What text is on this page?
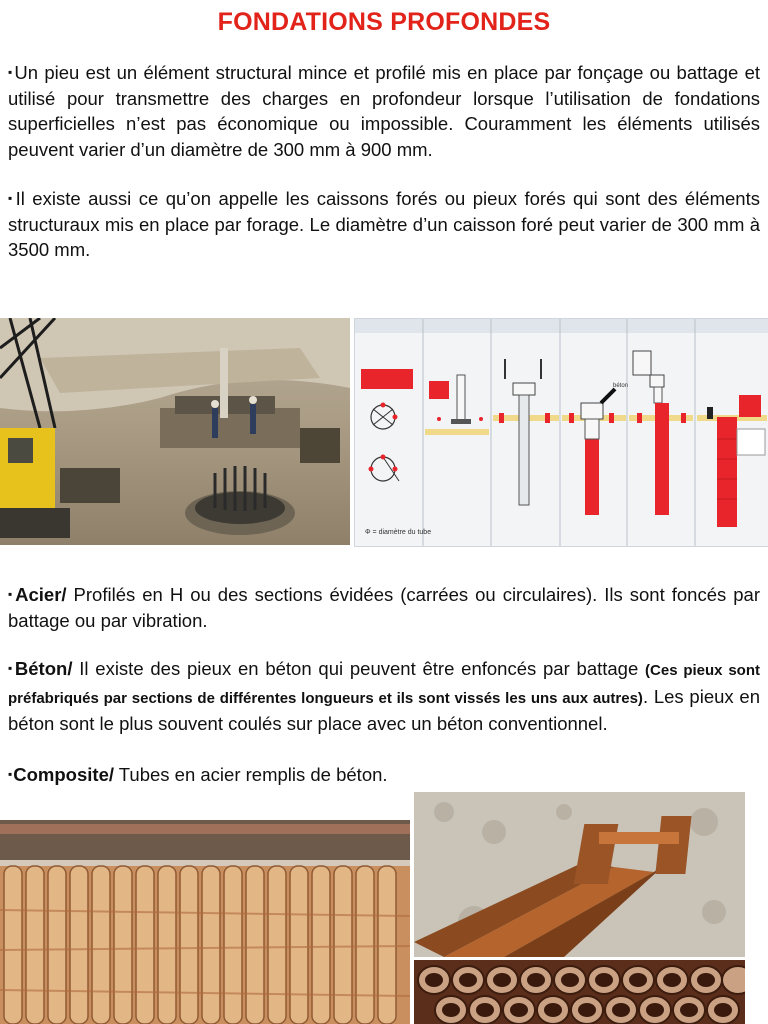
FONDATIONS PROFONDES

▪Un pieu est un élément structural mince et profilé mis en place par fonçage ou battage et utilisé pour transmettre des charges en profondeur lorsque l’utilisation de fondations superficielles n’est pas économique ou impossible. Couramment les éléments utilisés peuvent varier d’un diamètre de 300 mm à 900 mm.

▪Il existe aussi ce qu’on appelle les caissons forés ou pieux forés qui sont des éléments structuraux mis en place par forage. Le diamètre d’un caisson foré peut varier de 300 mm à 3500 mm.

Φ = diamètre du tube
béton

▪Acier/ Profilés en H ou des sections évidées (carrées ou circulaires). Ils sont foncés par battage ou par vibration.

▪Béton/ Il existe des pieux en béton qui peuvent être enfoncés par battage (Ces pieux sont préfabriqués par sections de différentes longueurs et ils sont vissés les uns aux autres). Les pieux en béton sont le plus souvent coulés sur place avec un béton conventionnel.

▪Composite/ Tubes en acier remplis de béton.
